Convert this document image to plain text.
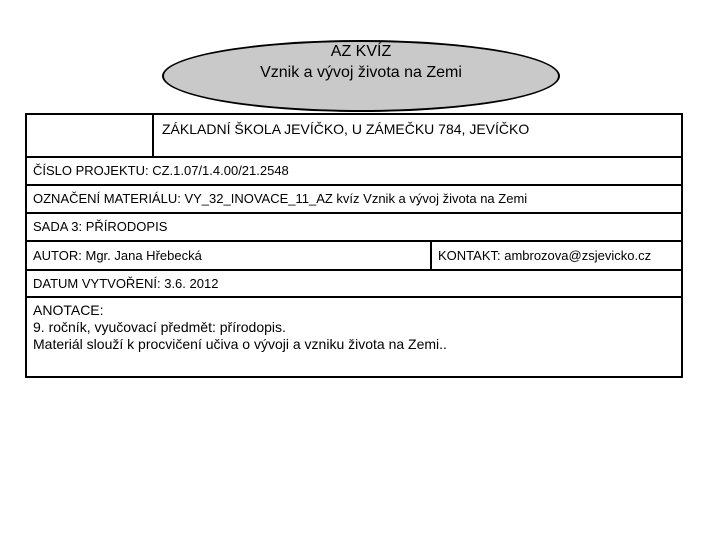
AZ KVÍZ
Vznik a vývoj života na Zemi
ZÁKLADNÍ ŠKOLA JEVÍČKO, U ZÁMEČKU 784, JEVÍČKO
ČÍSLO PROJEKTU: CZ.1.07/1.4.00/21.2548
OZNAČENÍ MATERIÁLU: VY_32_INOVACE_11_AZ kvíz Vznik a vývoj života na Zemi
SADA 3: PŘÍRODOPIS
AUTOR: Mgr. Jana Hřebecká	KONTAKT: ambrozova@zsjevicko.cz
DATUM VYTVOŘENÍ: 3.6. 2012
ANOTACE:
9. ročník, vyučovací předmět: přírodopis.
Materiál slouží k procvičení učiva o vývoji a vzniku života na Zemi..
